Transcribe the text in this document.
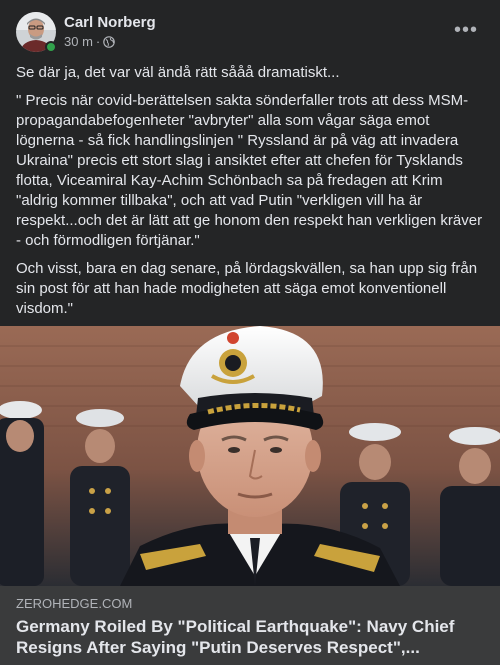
Carl Norberg
30 m ·
•••

Se där ja, det var väl ändå rätt sååå dramatiskt...

" Precis när covid-berättelsen sakta sönderfaller trots att dess MSM-propagandabefogenheter "avbryter" alla som vågar säga emot lögnerna - så fick handlingslinjen " Ryssland är på väg att invadera Ukraina" precis ett stort slag i ansiktet efter att chefen för Tysklands flotta, Viceamiral Kay-Achim Schönbach sa på fredagen att Krim "aldrig kommer tillbaka", och att vad Putin "verkligen vill ha är respekt...och det är lätt att ge honom den respekt han verkligen kräver - och förmodligen förtjänar."

Och visst, bara en dag senare, på lördagskvällen, sa han upp sig från sin post för att han hade modigheten att säga emot konventionell visdom."

ZEROHEDGE.COM
Germany Roiled By "Political Earthquake": Navy Chief Resigns After Saying "Putin Deserves Respect",...
